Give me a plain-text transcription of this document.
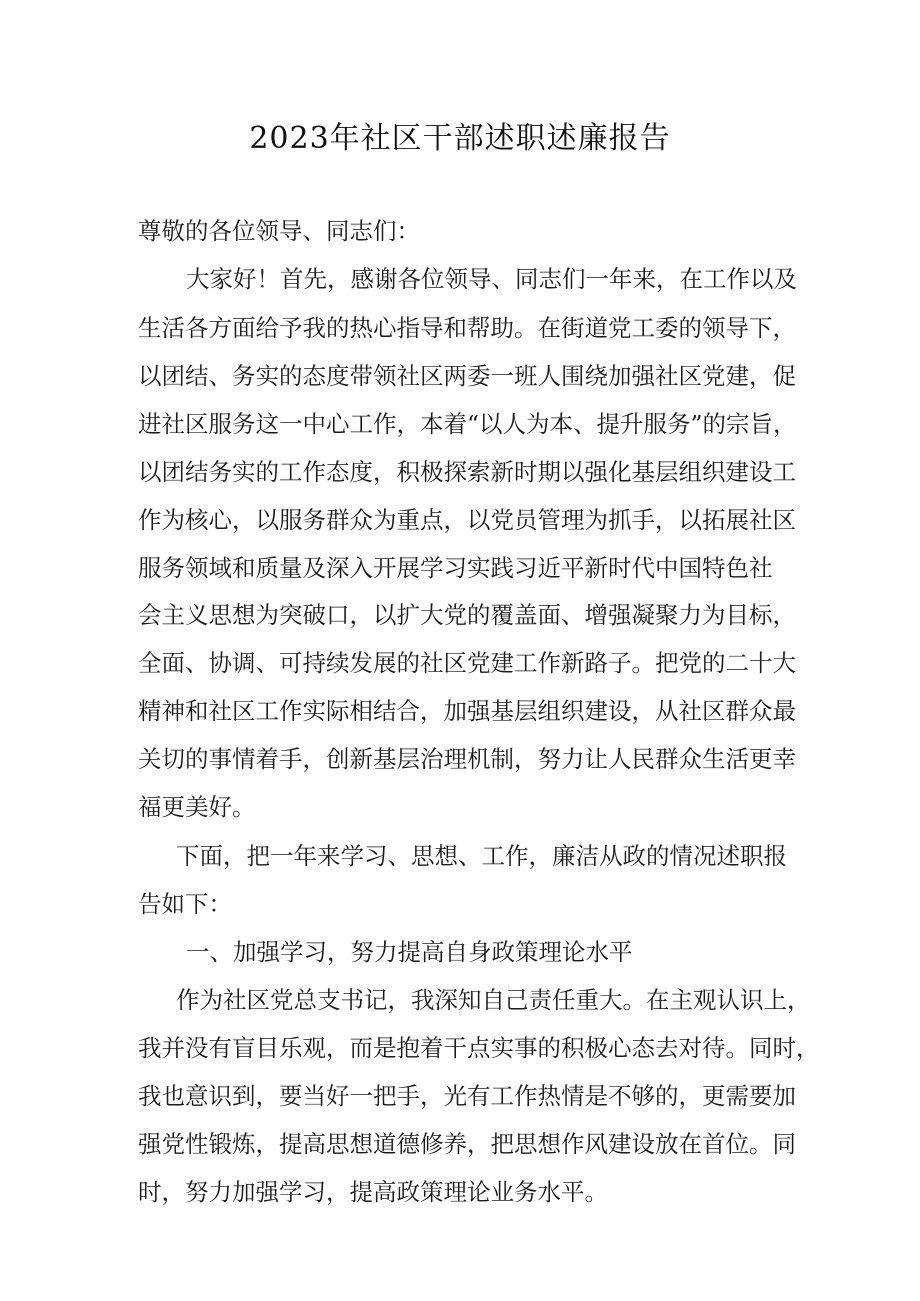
2023年社区干部述职述廉报告
尊敬的各位领导、同志们：
大家好！首先，感谢各位领导、同志们一年来，在工作以及
生活各方面给予我的热心指导和帮助。在街道党工委的领导下，
以团结、务实的态度带领社区两委一班人围绕加强社区党建，促
进社区服务这一中心工作，本着“以人为本、提升服务”的宗旨，
以团结务实的工作态度，积极探索新时期以强化基层组织建设工
作为核心，以服务群众为重点，以党员管理为抓手，以拓展社区
服务领域和质量及深入开展学习实践习近平新时代中国特色社
会主义思想为突破口，以扩大党的覆盖面、增强凝聚力为目标，
全面、协调、可持续发展的社区党建工作新路子。把党的二十大
精神和社区工作实际相结合，加强基层组织建设，从社区群众最
关切的事情着手，创新基层治理机制，努力让人民群众生活更幸
福更美好。
下面，把一年来学习、思想、工作，廉洁从政的情况述职报
告如下：
一、加强学习，努力提高自身政策理论水平
作为社区党总支书记，我深知自己责任重大。在主观认识上，
我并没有盲目乐观，而是抱着干点实事的积极心态去对待。同时，
我也意识到，要当好一把手，光有工作热情是不够的，更需要加
强党性锻炼，提高思想道德修养，把思想作风建设放在首位。同
时，努力加强学习，提高政策理论业务水平。
